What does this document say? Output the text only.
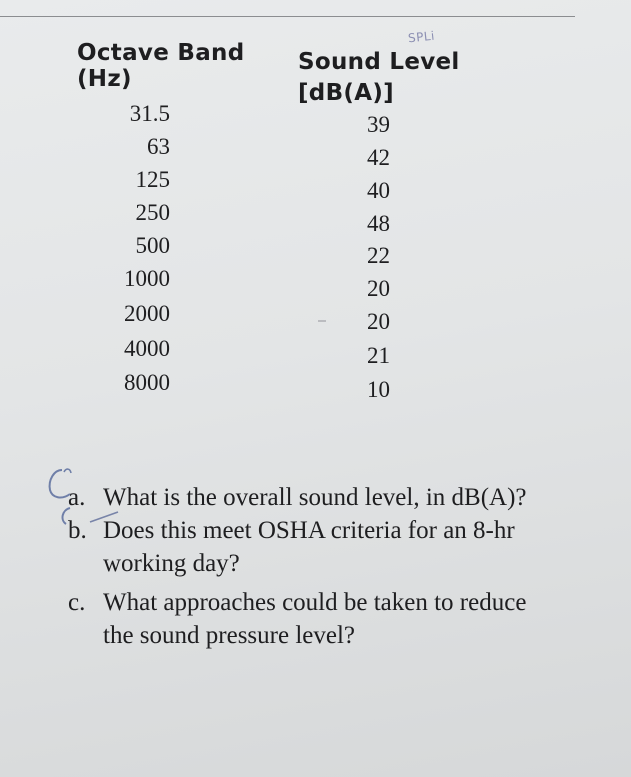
Octave Band
(Hz)
Sound Level
[dB(A)]
SPLi
31.5
63
125
250
500
1000
2000
4000
8000
39
42
40
48
22
20
20
21
10
a. What is the overall sound level, in dB(A)?
b. Does this meet OSHA criteria for an 8-hr
working day?
c. What approaches could be taken to reduce
the sound pressure level?
